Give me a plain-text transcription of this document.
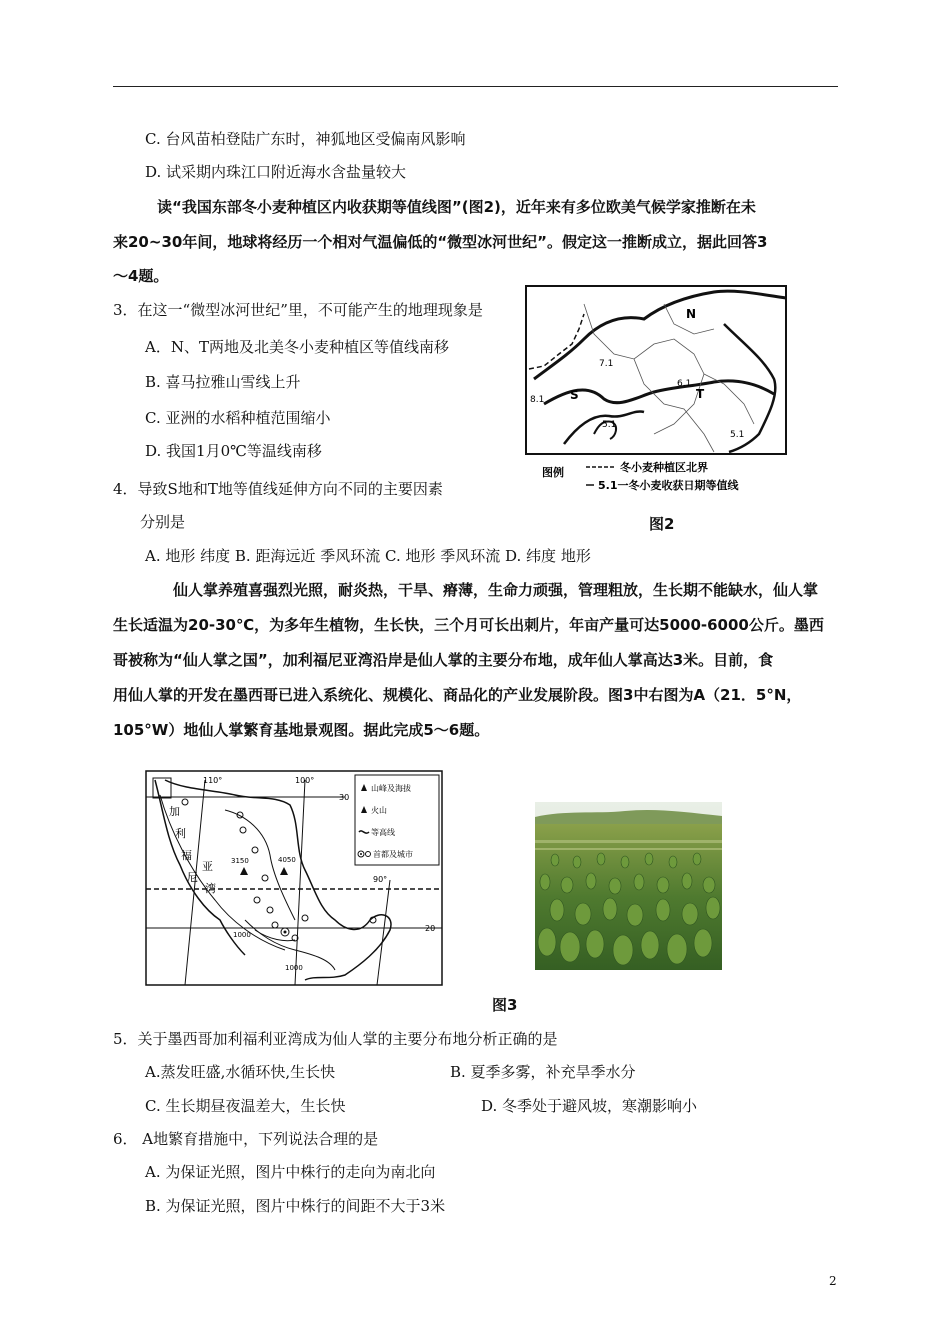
C. 台风苗柏登陆广东时，神狐地区受偏南风影响
D. 试采期内珠江口附近海水含盐量较大
读“我国东部冬小麦种植区内收获期等值线图”(图2)，近年来有多位欧美气候学家推断在未
来20~30年间，地球将经历一个相对气温偏低的“微型冰河世纪”。假定这一推断成立，据此回答3
～4题。
3．在这一“微型冰河世纪”里，不可能产生的地理现象是
A．N、T两地及北美冬小麦种植区等值线南移
B. 喜马拉雅山雪线上升
C. 亚洲的水稻种植范围缩小
D. 我国1月0℃等温线南移
4．导致S地和T地等值线延伸方向不同的主要因素
分别是
A. 地形 纬度 B. 距海远近 季风环流 C. 地形 季风环流 D. 纬度 地形
N
S	T
7.1
6.1
8.1
5.1
5.1
图例	冬小麦种植区北界
5.1一冬小麦收获日期等值线
图2
仙人掌养殖喜强烈光照，耐炎热，干旱、瘠薄，生命力顽强，管理粗放，生长期不能缺水，仙人掌
生长适温为20-30℃，为多年生植物，生长快，三个月可长出刺片，年亩产量可达5000-6000公斤。墨西
哥被称为“仙人掌之国”，加利福尼亚湾沿岸是仙人掌的主要分布地，成年仙人掌高达3米。目前，食
用仙人掌的开发在墨西哥已进入系统化、规模化、商品化的产业发展阶段。图3中右图为A（21．5°N，
105°W）地仙人掌繁育基地景观图。据此完成5～6题。
110°	100°
90°
30
20
加
利
福
尼
亚
湾
3150	4050
1000
1000
山峰及海拔
火山
等高线
首都及城市
图3
5．关于墨西哥加利福利亚湾成为仙人掌的主要分布地分析正确的是
A.蒸发旺盛,水循环快,生长快	B. 夏季多雾，补充旱季水分
C. 生长期昼夜温差大，生长快	D. 冬季处于避风坡，寒潮影响小
6． A地繁育措施中，下列说法合理的是
A. 为保证光照，图片中株行的走向为南北向
B. 为保证光照，图片中株行的间距不大于3米
2
